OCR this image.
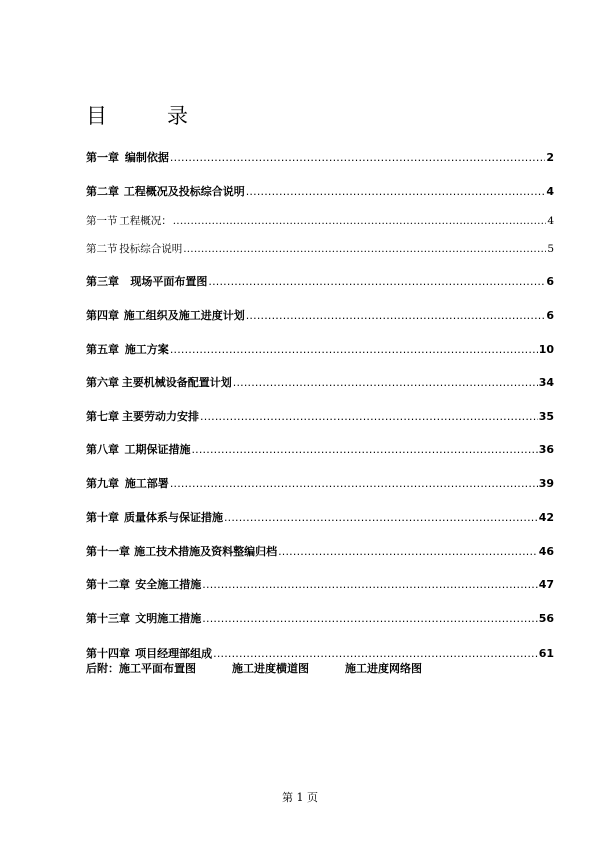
目	录
第一章 编制依据 .....	2
第二章 工程概况及投标综合说明 .....	4
第一节 工程概况： .....	4
第二节 投标综合说明 .....	5
第三章 现场平面布置图 .....	6
第四章 施工组织及施工进度计划 .....	6
第五章 施工方案 .....	10
第六章 主要机械设备配置计划 .....	34
第七章 主要劳动力安排 .....	35
第八章 工期保证措施 .....	36
第九章 施工部署 .....	39
第十章 质量体系与保证措施 .....	42
第十一章 施工技术措施及资料整编归档 .....	46
第十二章 安全施工措施 .....	47
第十三章 文明施工措施 .....	56
第十四章 项目经理部组成 .....	61
后附：施工平面布置图	施工进度横道图	施工进度网络图
第 1 页
